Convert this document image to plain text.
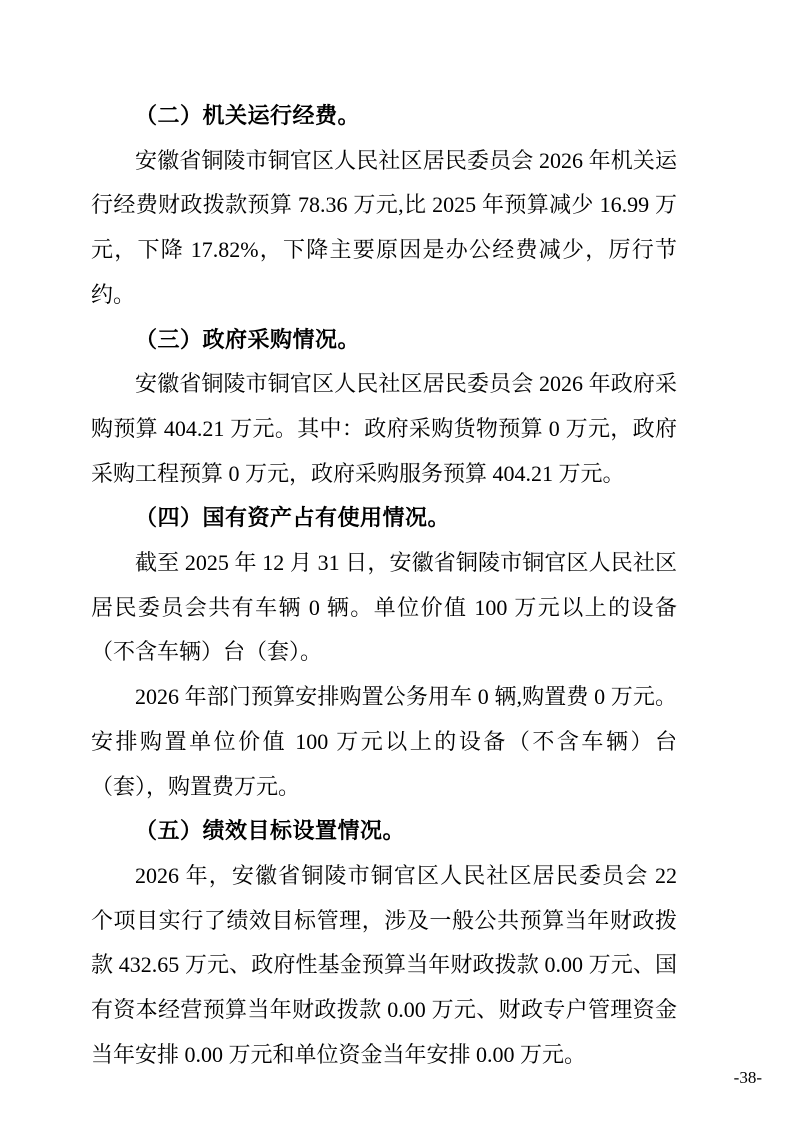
（二）机关运行经费。

安徽省铜陵市铜官区人民社区居民委员会 2026 年机关运行经费财政拨款预算 78.36 万元,比 2025 年预算减少 16.99 万元，下降 17.82%，下降主要原因是办公经费减少，厉行节约。

（三）政府采购情况。

安徽省铜陵市铜官区人民社区居民委员会 2026 年政府采购预算 404.21 万元。其中：政府采购货物预算 0 万元，政府采购工程预算 0 万元，政府采购服务预算 404.21 万元。

（四）国有资产占有使用情况。

截至 2025 年 12 月 31 日，安徽省铜陵市铜官区人民社区居民委员会共有车辆 0 辆。单位价值 100 万元以上的设备（不含车辆）台（套）。

2026 年部门预算安排购置公务用车 0 辆,购置费 0 万元。安排购置单位价值 100 万元以上的设备（不含车辆）台（套），购置费万元。

（五）绩效目标设置情况。

2026 年，安徽省铜陵市铜官区人民社区居民委员会 22 个项目实行了绩效目标管理，涉及一般公共预算当年财政拨款 432.65 万元、政府性基金预算当年财政拨款 0.00 万元、国有资本经营预算当年财政拨款 0.00 万元、财政专户管理资金当年安排 0.00 万元和单位资金当年安排 0.00 万元。

-38-
